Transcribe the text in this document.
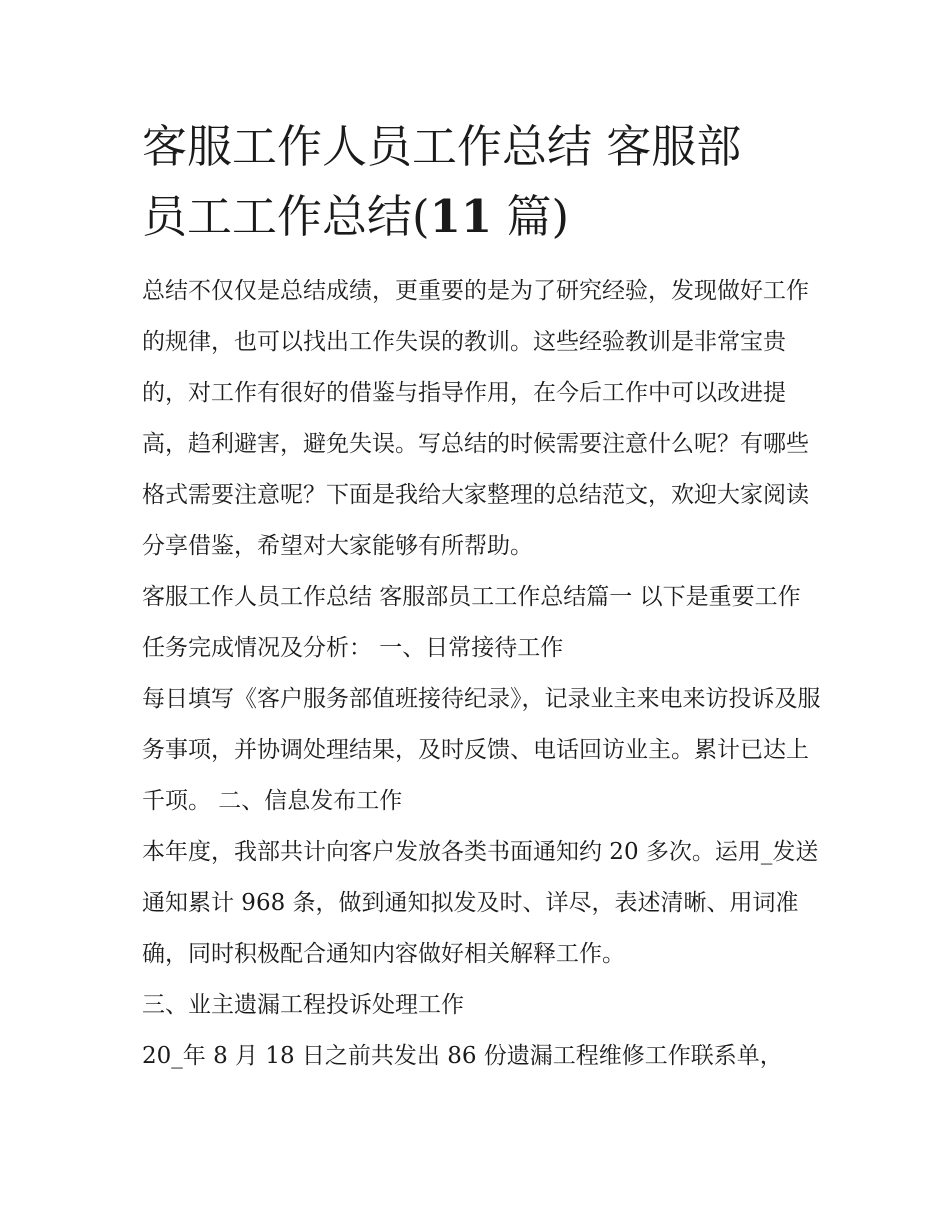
客服工作人员工作总结 客服部
员工工作总结(11 篇)

总结不仅仅是总结成绩，更重要的是为了研究经验，发现做好工作的规律，也可以找出工作失误的教训。这些经验教训是非常宝贵的，对工作有很好的借鉴与指导作用，在今后工作中可以改进提高，趋利避害，避免失误。写总结的时候需要注意什么呢？有哪些格式需要注意呢？下面是我给大家整理的总结范文，欢迎大家阅读分享借鉴，希望对大家能够有所帮助。

客服工作人员工作总结 客服部员工工作总结篇一 以下是重要工作任务完成情况及分析： 一、日常接待工作

每日填写《客户服务部值班接待纪录》，记录业主来电来访投诉及服务事项，并协调处理结果，及时反馈、电话回访业主。累计已达上千项。 二、信息发布工作

本年度，我部共计向客户发放各类书面通知约 20 多次。运用_发送通知累计 968 条，做到通知拟发及时、详尽，表述清晰、用词准确，同时积极配合通知内容做好相关解释工作。

三、业主遗漏工程投诉处理工作

20_年 8 月 18 日之前共发出 86 份遗漏工程维修工作联系单，
